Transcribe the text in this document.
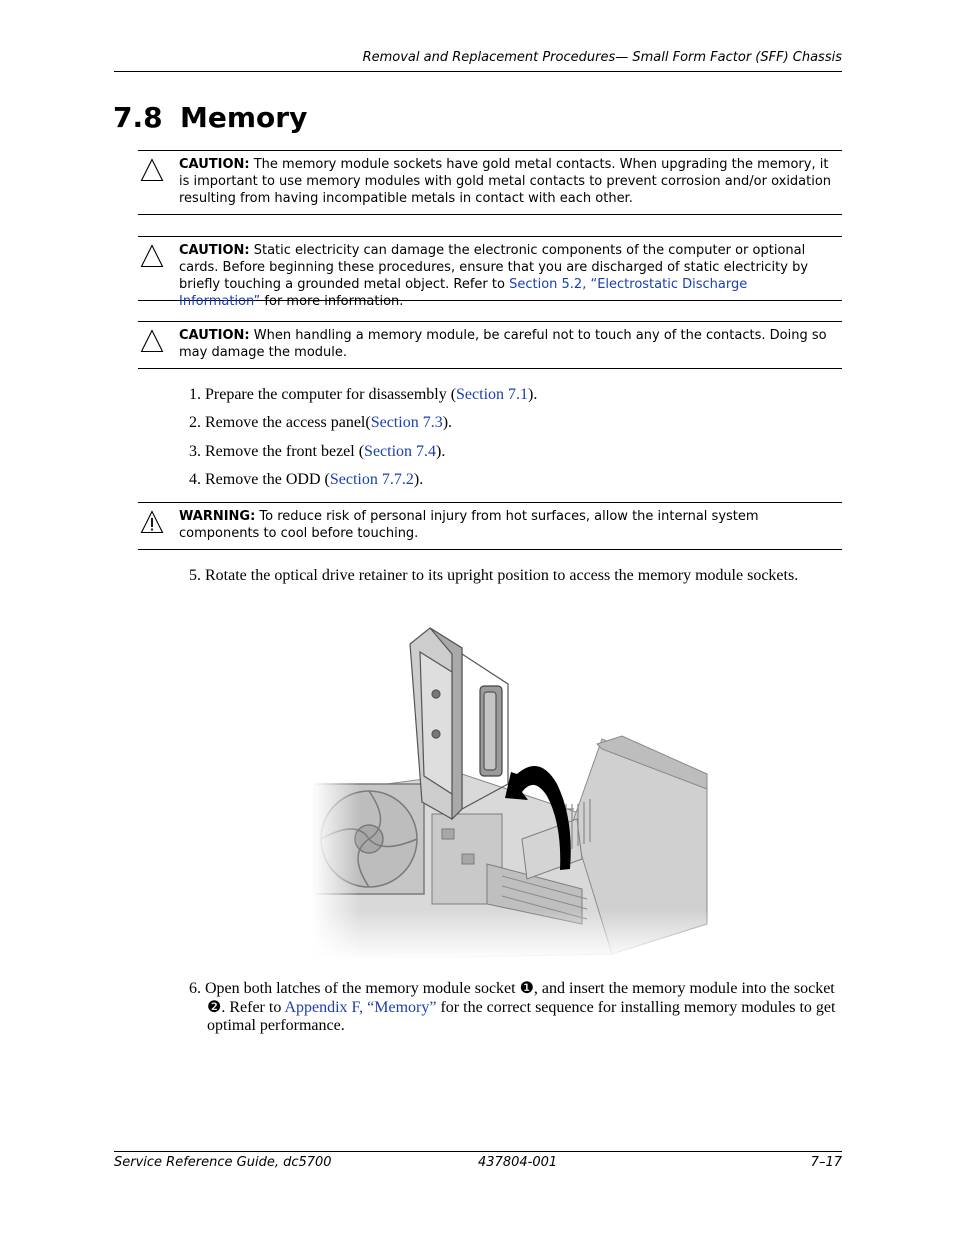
Removal and Replacement Procedures— Small Form Factor (SFF) Chassis
7.8 Memory
CAUTION: The memory module sockets have gold metal contacts. When upgrading the memory, it is important to use memory modules with gold metal contacts to prevent corrosion and/or oxidation resulting from having incompatible metals in contact with each other.
CAUTION: Static electricity can damage the electronic components of the computer or optional cards. Before beginning these procedures, ensure that you are discharged of static electricity by briefly touching a grounded metal object. Refer to Section 5.2, “Electrostatic Discharge Information” for more information.
CAUTION: When handling a memory module, be careful not to touch any of the contacts. Doing so may damage the module.
1. Prepare the computer for disassembly (Section 7.1).
2. Remove the access panel(Section 7.3).
3. Remove the front bezel (Section 7.4).
4. Remove the ODD (Section 7.7.2).
WARNING: To reduce risk of personal injury from hot surfaces, allow the internal system components to cool before touching.
5. Rotate the optical drive retainer to its upright position to access the memory module sockets.
6. Open both latches of the memory module socket ❶, and insert the memory module into the socket ❷. Refer to Appendix F, “Memory” for the correct sequence for installing memory modules to get optimal performance.
Service Reference Guide, dc5700	437804-001	7–17
